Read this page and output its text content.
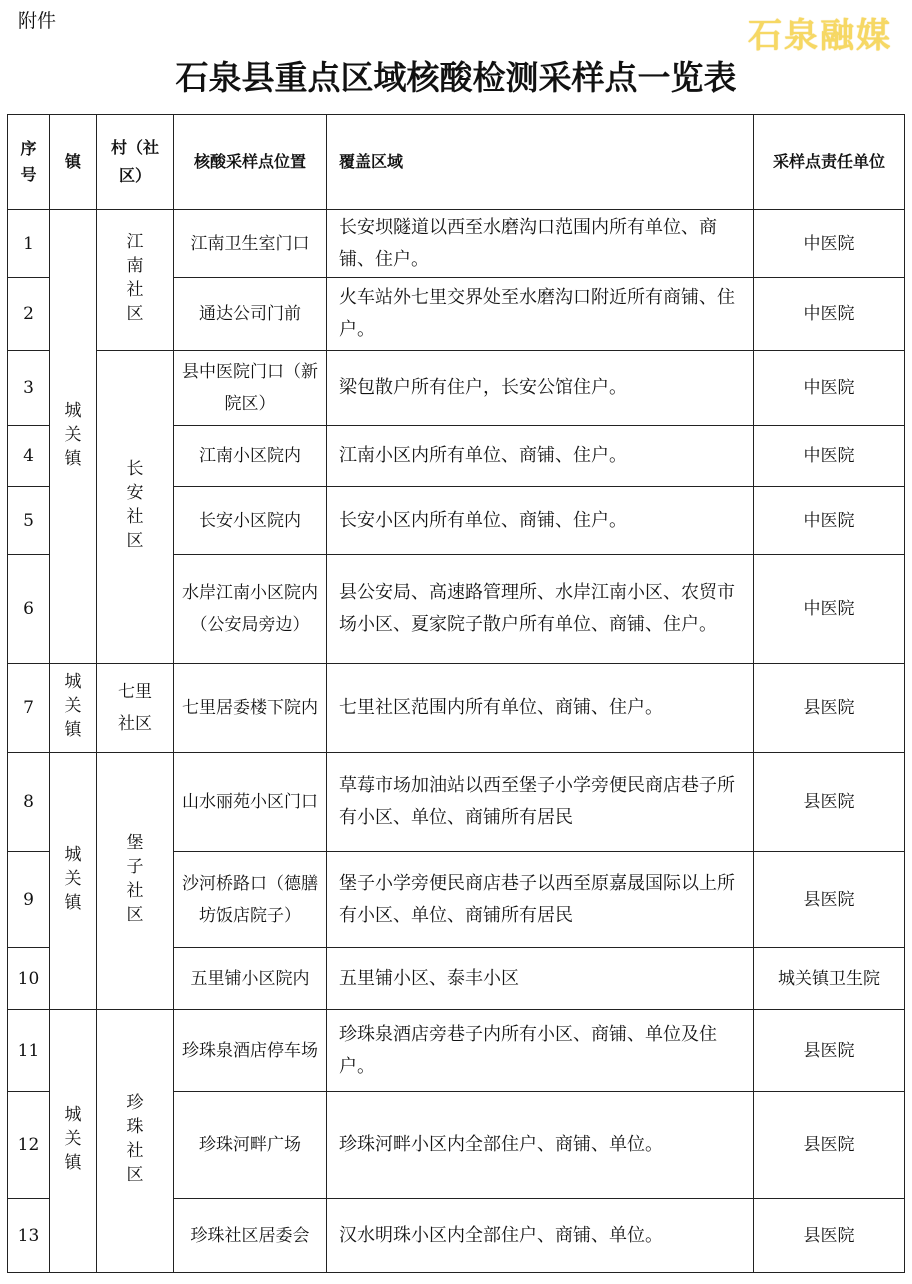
附件	石泉融媒
石泉县重点区域核酸检测采样点一览表
序号	镇	村（社区）	核酸采样点位置	覆盖区域	采样点责任单位
1	城关镇	江南社区	江南卫生室门口	长安坝隧道以西至水磨沟口范围内所有单位、商铺、住户。	中医院
2			通达公司门前	火车站外七里交界处至水磨沟口附近所有商铺、住户。	中医院
3		长安社区	县中医院门口（新院区）	梁包散户所有住户，长安公馆住户。	中医院
4			江南小区院内	江南小区内所有单位、商铺、住户。	中医院
5			长安小区院内	长安小区内所有单位、商铺、住户。	中医院
6			水岸江南小区院内（公安局旁边）	县公安局、高速路管理所、水岸江南小区、农贸市场小区、夏家院子散户所有单位、商铺、住户。	中医院
7	城关镇	七里社区	七里居委楼下院内	七里社区范围内所有单位、商铺、住户。	县医院
8	城关镇	堡子社区	山水丽苑小区门口	草莓市场加油站以西至堡子小学旁便民商店巷子所有小区、单位、商铺所有居民	县医院
9			沙河桥路口（德膳坊饭店院子）	堡子小学旁便民商店巷子以西至原嘉晟国际以上所有小区、单位、商铺所有居民	县医院
10			五里铺小区院内	五里铺小区、泰丰小区	城关镇卫生院
11	城关镇	珍珠社区	珍珠泉酒店停车场	珍珠泉酒店旁巷子内所有小区、商铺、单位及住户。	县医院
12			珍珠河畔广场	珍珠河畔小区内全部住户、商铺、单位。	县医院
13			珍珠社区居委会	汉水明珠小区内全部住户、商铺、单位。	县医院
